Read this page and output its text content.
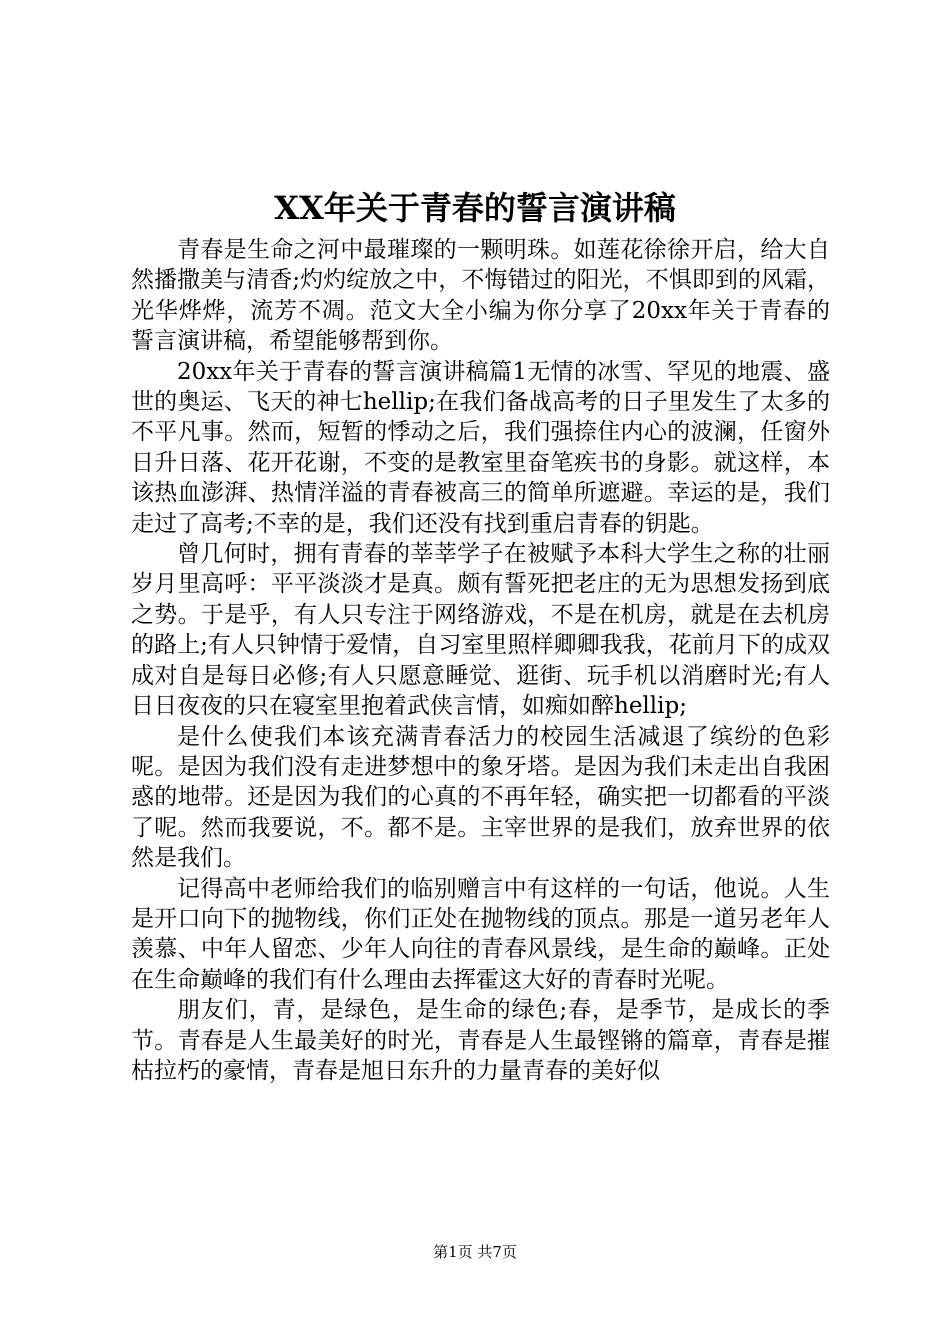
XX年关于青春的誓言演讲稿

青春是生命之河中最璀璨的一颗明珠。如莲花徐徐开启，给大自然播撒美与清香;灼灼绽放之中，不悔错过的阳光，不惧即到的风霜，光华烨烨，流芳不凋。范文大全小编为你分享了20xx年关于青春的誓言演讲稿，希望能够帮到你。

20xx年关于青春的誓言演讲稿篇1无情的冰雪、罕见的地震、盛世的奥运、飞天的神七hellip;在我们备战高考的日子里发生了太多的不平凡事。然而，短暂的悸动之后，我们强捺住内心的波澜，任窗外日升日落、花开花谢，不变的是教室里奋笔疾书的身影。就这样，本该热血澎湃、热情洋溢的青春被高三的简单所遮避。幸运的是，我们走过了高考;不幸的是，我们还没有找到重启青春的钥匙。

曾几何时，拥有青春的莘莘学子在被赋予本科大学生之称的壮丽岁月里高呼：平平淡淡才是真。颇有誓死把老庄的无为思想发扬到底之势。于是乎，有人只专注于网络游戏，不是在机房，就是在去机房的路上;有人只钟情于爱情，自习室里照样卿卿我我，花前月下的成双成对自是每日必修;有人只愿意睡觉、逛街、玩手机以消磨时光;有人日日夜夜的只在寝室里抱着武侠言情，如痴如醉hellip;

是什么使我们本该充满青春活力的校园生活减退了缤纷的色彩呢。是因为我们没有走进梦想中的象牙塔。是因为我们未走出自我困惑的地带。还是因为我们的心真的不再年轻，确实把一切都看的平淡了呢。然而我要说，不。都不是。主宰世界的是我们，放弃世界的依然是我们。

记得高中老师给我们的临别赠言中有这样的一句话，他说。人生是开口向下的抛物线，你们正处在抛物线的顶点。那是一道另老年人羡慕、中年人留恋、少年人向往的青春风景线，是生命的巅峰。正处在生命巅峰的我们有什么理由去挥霍这大好的青春时光呢。

朋友们，青，是绿色，是生命的绿色;春，是季节，是成长的季节。青春是人生最美好的时光，青春是人生最铿锵的篇章，青春是摧枯拉朽的豪情，青春是旭日东升的力量青春的美好似

第1页 共7页
